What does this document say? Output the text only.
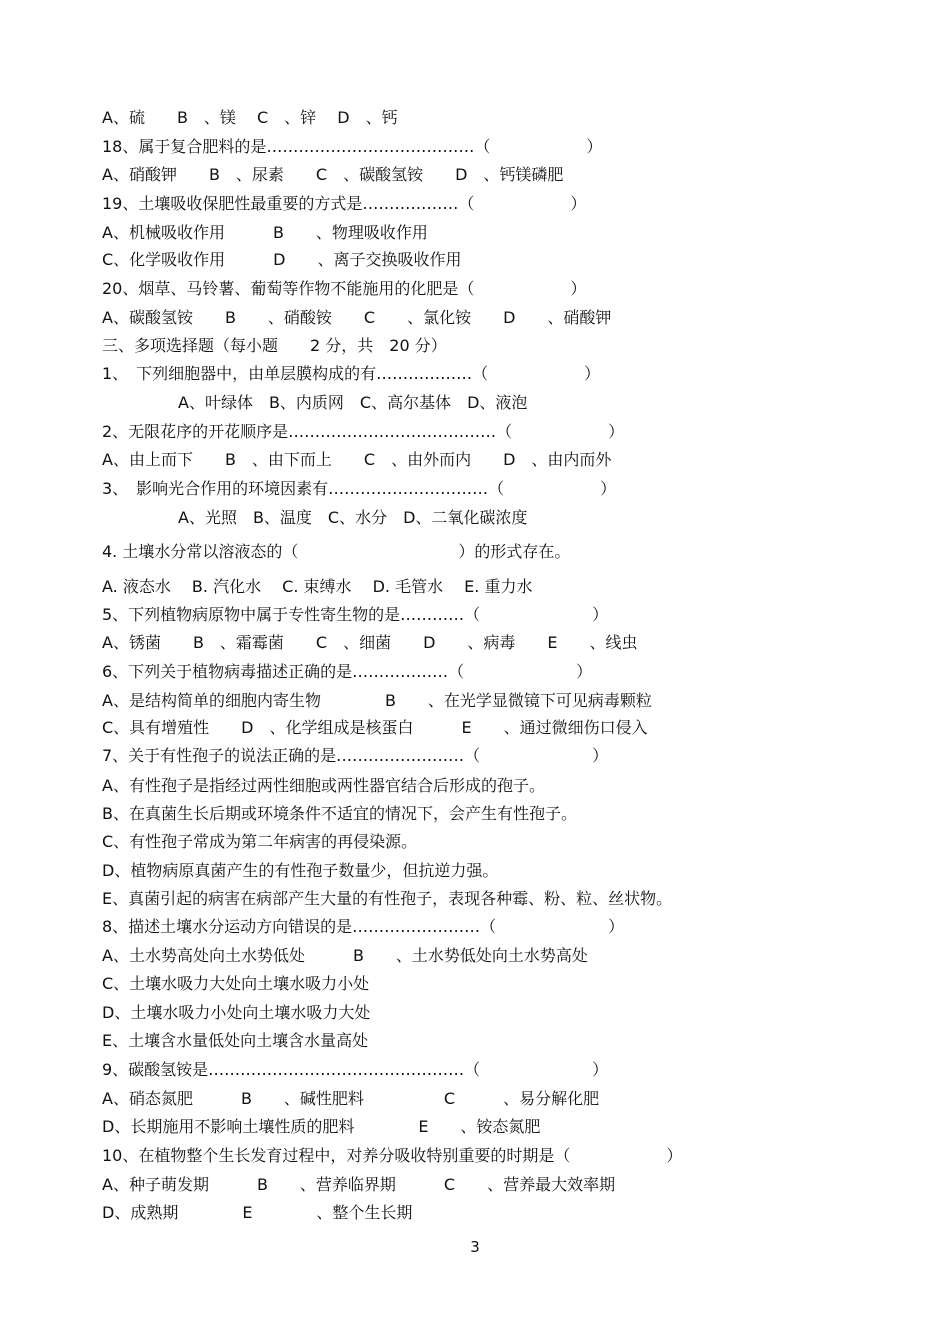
A、硫　　B　、镁　 C　、锌　 D　、钙
18、属于复合肥料的是…………………………………（　　　　　　）
A、硝酸钾　　B　、尿素　　C　、碳酸氢铵　　D　、钙镁磷肥
19、土壤吸收保肥性最重要的方式是………………（　　　　　　）
A、机械吸收作用　　　B　　、物理吸收作用
C、化学吸收作用　　　D　　、离子交换吸收作用
20、烟草、马铃薯、葡萄等作物不能施用的化肥是（　　　　　　）
A、碳酸氢铵　　B　　、硝酸铵　　C　　、氯化铵　　D　　、硝酸钾
三、多项选择题（每小题　　2 分，共　20 分）
1、　下列细胞器中，由单层膜构成的有………………（　　　　　　）
A、叶绿体　B、内质网　C、高尔基体　D、液泡
2、无限花序的开花顺序是…………………………………（　　　　　　）
A、由上而下　　B　、由下而上　　C　、由外而内　　D　、由内而外
3、　影响光合作用的环境因素有…………………………（　　　　　　）
A、光照　B、温度　C、水分　D、二氧化碳浓度
4. 土壤水分常以溶液态的（　　　　　　　　　　）的形式存在。
A. 液态水　 B. 汽化水　 C. 束缚水　 D. 毛管水　 E. 重力水
5、下列植物病原物中属于专性寄生物的是…………（　　　　　　　）
A、锈菌　　B　、霜霉菌　　C　、细菌　　D　　、病毒　　E　　、线虫
6、下列关于植物病毒描述正确的是………………（　　　　　　　）
A、是结构简单的细胞内寄生物　　　　B　　、在光学显微镜下可见病毒颗粒
C、具有增殖性　　D　、化学组成是核蛋白　　　E　　、通过微细伤口侵入
7、关于有性孢子的说法正确的是……………………（　　　　　　　）
A、有性孢子是指经过两性细胞或两性器官结合后形成的孢子。
B、在真菌生长后期或环境条件不适宜的情况下，会产生有性孢子。
C、有性孢子常成为第二年病害的再侵染源。
D、植物病原真菌产生的有性孢子数量少，但抗逆力强。
E、真菌引起的病害在病部产生大量的有性孢子，表现各种霉、粉、粒、丝状物。
8、描述土壤水分运动方向错误的是……………………（　　　　　　　）
A、土水势高处向土水势低处　　　B　　、土水势低处向土水势高处
C、土壤水吸力大处向土壤水吸力小处
D、土壤水吸力小处向土壤水吸力大处
E、土壤含水量低处向土壤含水量高处
9、碳酸氢铵是…………………………………………（　　　　　　　）
A、硝态氮肥　　　B　　、碱性肥料　　　　　C　　　、易分解化肥
D、长期施用不影响土壤性质的肥料　　　　E　　、铵态氮肥
10、在植物整个生长发育过程中，对养分吸收特别重要的时期是（　　　　　　）
A、种子萌发期　　　B　　、营养临界期　　　C　　、营养最大效率期
D、成熟期　　　　E　　　　、整个生长期
3
